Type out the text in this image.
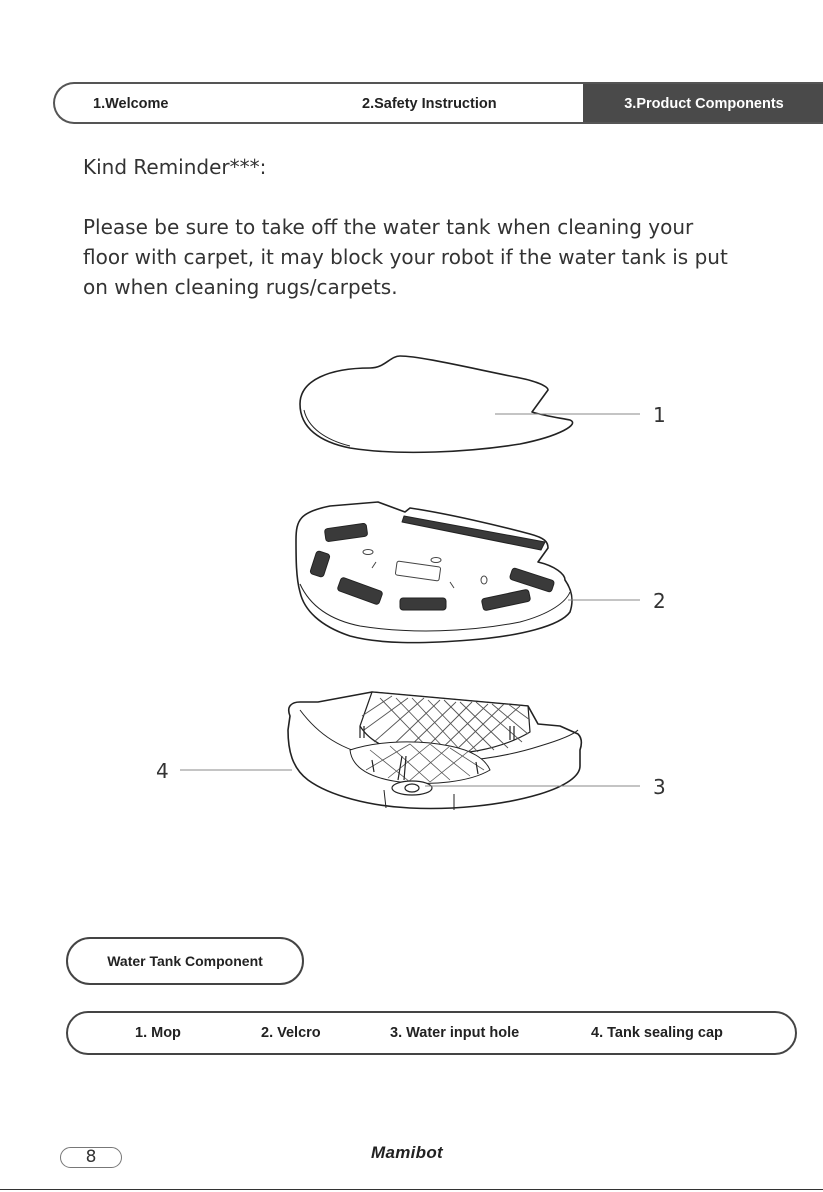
1.Welcome	2.Safety Instruction	3.Product Components

Kind Reminder***:

Please be sure to take off the water tank when cleaning your

floor with carpet, it may block your robot if the water tank is put

on when cleaning rugs/carpets.

1
2
3
4
Water Tank Component
1. Mop	2. Velcro	3. Water input hole	4. Tank sealing cap
8	Mamibot
